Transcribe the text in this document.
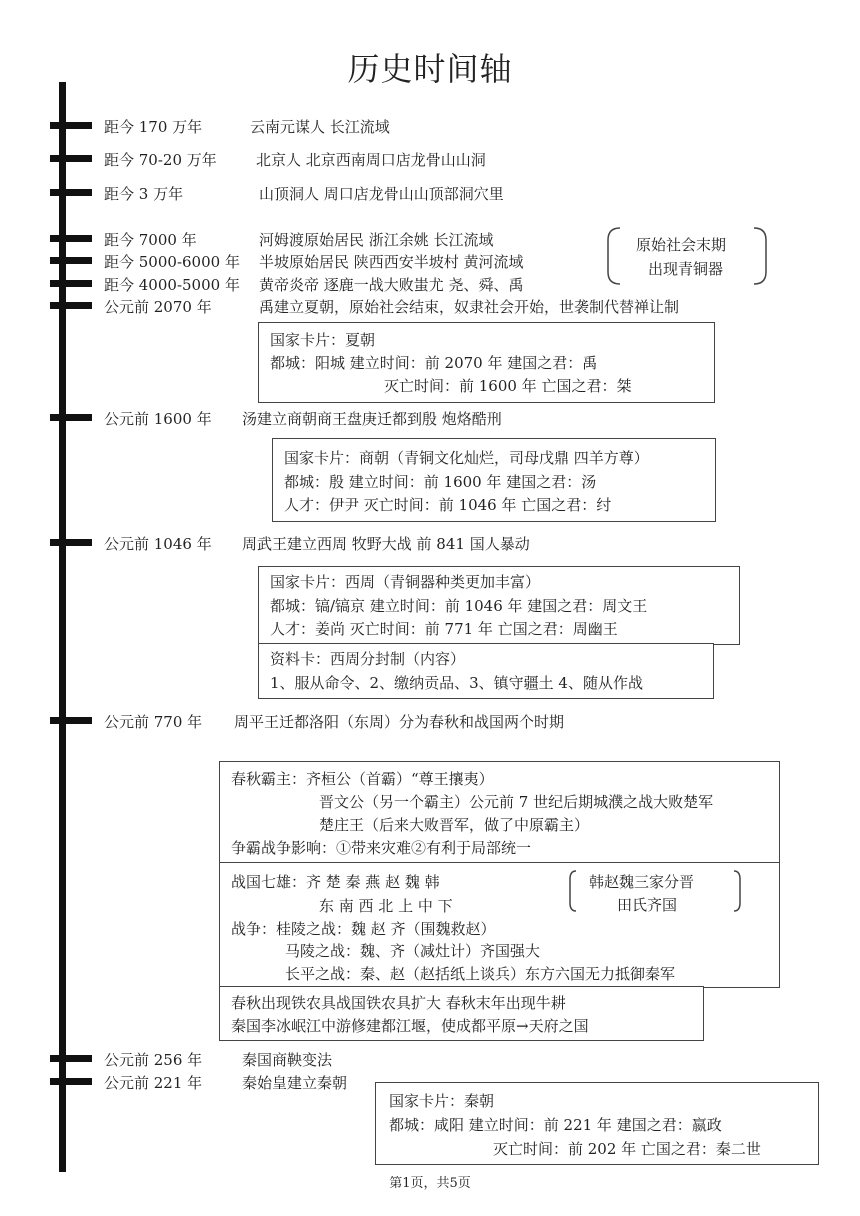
历史时间轴
距今 170 万年
距今 70-20 万年
距今 3 万年
距今 7000 年
距今 5000-6000 年
距今 4000-5000 年
公元前 2070 年
公元前 1600 年
公元前 1046 年
公元前 770 年
公元前 256 年
公元前 221 年
云南元谋人 长江流域
北京人 北京西南周口店龙骨山山洞
山顶洞人 周口店龙骨山山顶部洞穴里
河姆渡原始居民 浙江余姚 长江流域
半坡原始居民 陕西西安半坡村 黄河流域
黄帝炎帝 逐鹿一战大败蚩尤 尧、舜、禹
禹建立夏朝，原始社会结束，奴隶社会开始，世袭制代替禅让制
汤建立商朝商王盘庚迁都到殷 炮烙酷刑
周武王建立西周 牧野大战 前 841 国人暴动
周平王迁都洛阳（东周）分为春秋和战国两个时期
秦国商鞅变法
秦始皇建立秦朝
原始社会末期
出现青铜器
国家卡片：夏朝
都城：阳城 建立时间：前 2070 年 建国之君：禹
灭亡时间：前 1600 年 亡国之君：桀
国家卡片：商朝（青铜文化灿烂，司母戊鼎 四羊方尊）
都城：殷 建立时间：前 1600 年 建国之君：汤
人才：伊尹 灭亡时间：前 1046 年 亡国之君：纣
国家卡片：西周（青铜器种类更加丰富）
都城：镐/镐京 建立时间：前 1046 年 建国之君：周文王
人才：姜尚 灭亡时间：前 771 年 亡国之君：周幽王
资料卡：西周分封制（内容）
1、服从命令、2、缴纳贡品、3、镇守疆土 4、随从作战
春秋霸主：齐桓公（首霸）“尊王攘夷）
晋文公（另一个霸主）公元前 7 世纪后期城濮之战大败楚军
楚庄王（后来大败晋军，做了中原霸主）
争霸战争影响：①带来灾难②有利于局部统一
战国七雄：齐 楚 秦 燕 赵 魏 韩
东 南 西 北 上 中 下
战争：桂陵之战：魏 赵 齐（围魏救赵）
马陵之战：魏、齐（减灶计）齐国强大
长平之战：秦、赵（赵括纸上谈兵）东方六国无力抵御秦军
韩赵魏三家分晋
田氏齐国
春秋出现铁农具战国铁农具扩大 春秋末年出现牛耕
秦国李冰岷江中游修建都江堰，使成都平原→天府之国
国家卡片：秦朝
都城：咸阳 建立时间：前 221 年 建国之君：嬴政
灭亡时间：前 202 年 亡国之君：秦二世
第1页，共5页
